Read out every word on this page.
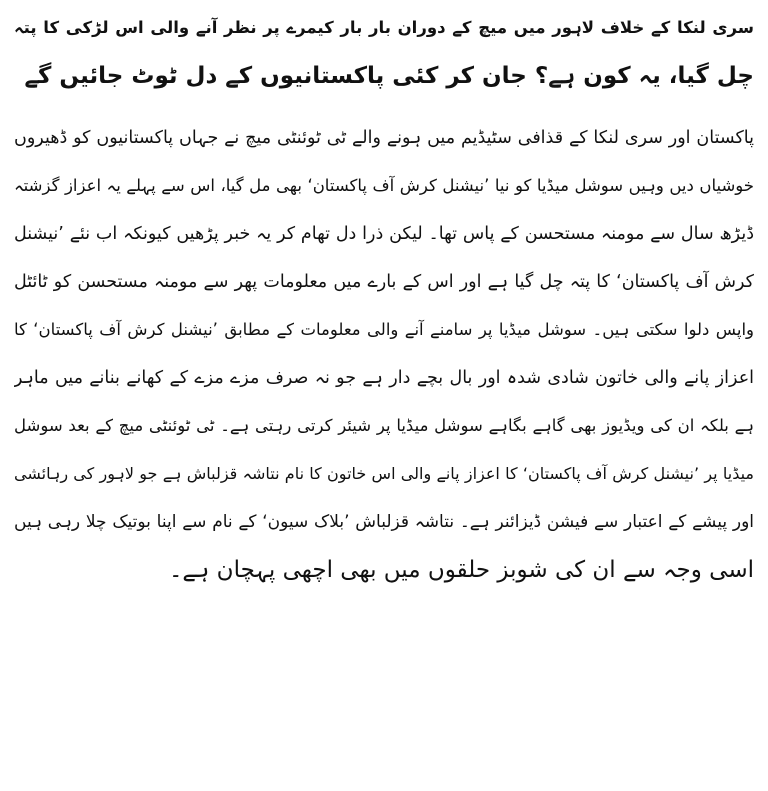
سری لنکا کے خلاف لاہور میں میچ کے دوران بار بار کیمرے پر نظر آنے والی اس لڑکی کا پتہ
چل گیا، یہ کون ہے؟ جان کر کئی پاکستانیوں کے دل ٹوٹ جائیں گے
پاکستان اور سری لنکا کے قذافی سٹیڈیم میں ہونے والے ٹی ٹوئنٹی میچ نے جہاں پاکستانیوں کو ڈھیروں
خوشیاں دیں وہیں سوشل میڈیا کو نیا ’نیشنل کرش آف پاکستان‘ بھی مل گیا، اس سے پہلے یہ اعزاز گزشتہ
ڈیڑھ سال سے مومنہ مستحسن کے پاس تھا۔ لیکن ذرا دل تھام کر یہ خبر پڑھیں کیونکہ اب نئے ’نیشنل
کرش آف پاکستان‘ کا پتہ چل گیا ہے اور اس کے بارے میں معلومات پھر سے مومنہ مستحسن کو ٹائٹل
واپس دلوا سکتی ہیں۔ سوشل میڈیا پر سامنے آنے والی معلومات کے مطابق ’نیشنل کرش آف پاکستان‘ کا
اعزاز پانے والی خاتون شادی شدہ اور بال بچے دار ہے جو نہ صرف مزے مزے کے کھانے بنانے میں ماہر
ہے بلکہ ان کی ویڈیوز بھی گاہے بگاہے سوشل میڈیا پر شیئر کرتی رہتی ہے۔ ٹی ٹوئنٹی میچ کے بعد سوشل
میڈیا پر ’نیشنل کرش آف پاکستان‘ کا اعزاز پانے والی اس خاتون کا نام نتاشہ قزلباش ہے جو لاہور کی رہائشی
اور پیشے کے اعتبار سے فیشن ڈیزائنر ہے۔ نتاشہ قزلباش ’بلاک سیون‘ کے نام سے اپنا بوتیک چلا رہی ہیں
اسی وجہ سے ان کی شوبز حلقوں میں بھی اچھی پہچان ہے۔
